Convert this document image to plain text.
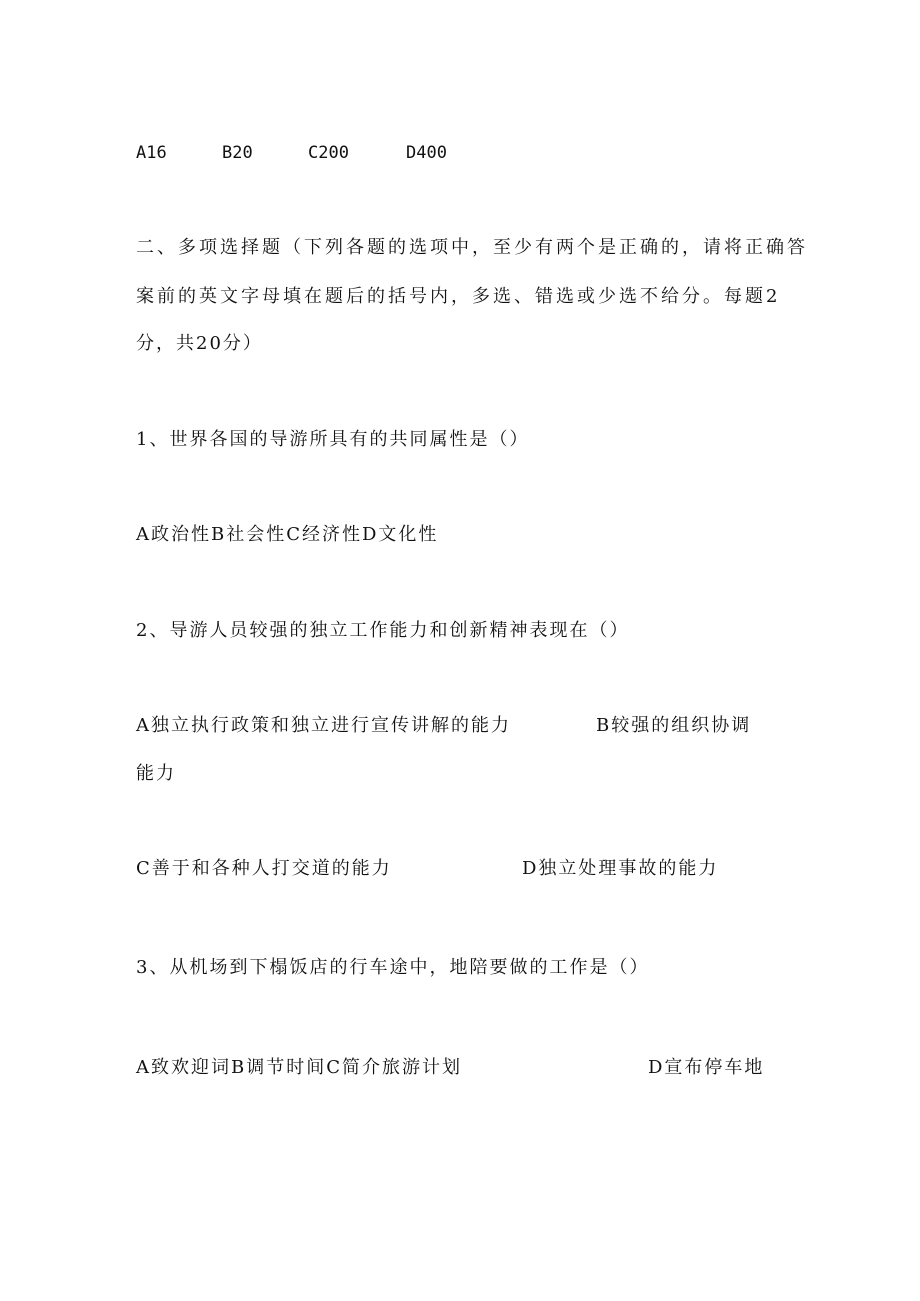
A16	B20	C200	D400
二、多项选择题（下列各题的选项中，至少有两个是正确的，请将正确答
案前的英文字母填在题后的括号内，多选、错选或少选不给分。每题2
分，共20分）
1、世界各国的导游所具有的共同属性是（）
A政治性B社会性C经济性D文化性
2、导游人员较强的独立工作能力和创新精神表现在（）
A独立执行政策和独立进行宣传讲解的能力	B较强的组织协调
能力
C善于和各种人打交道的能力	D独立处理事故的能力
3、从机场到下榻饭店的行车途中，地陪要做的工作是（）
A致欢迎词B调节时间C简介旅游计划	D宣布停车地
